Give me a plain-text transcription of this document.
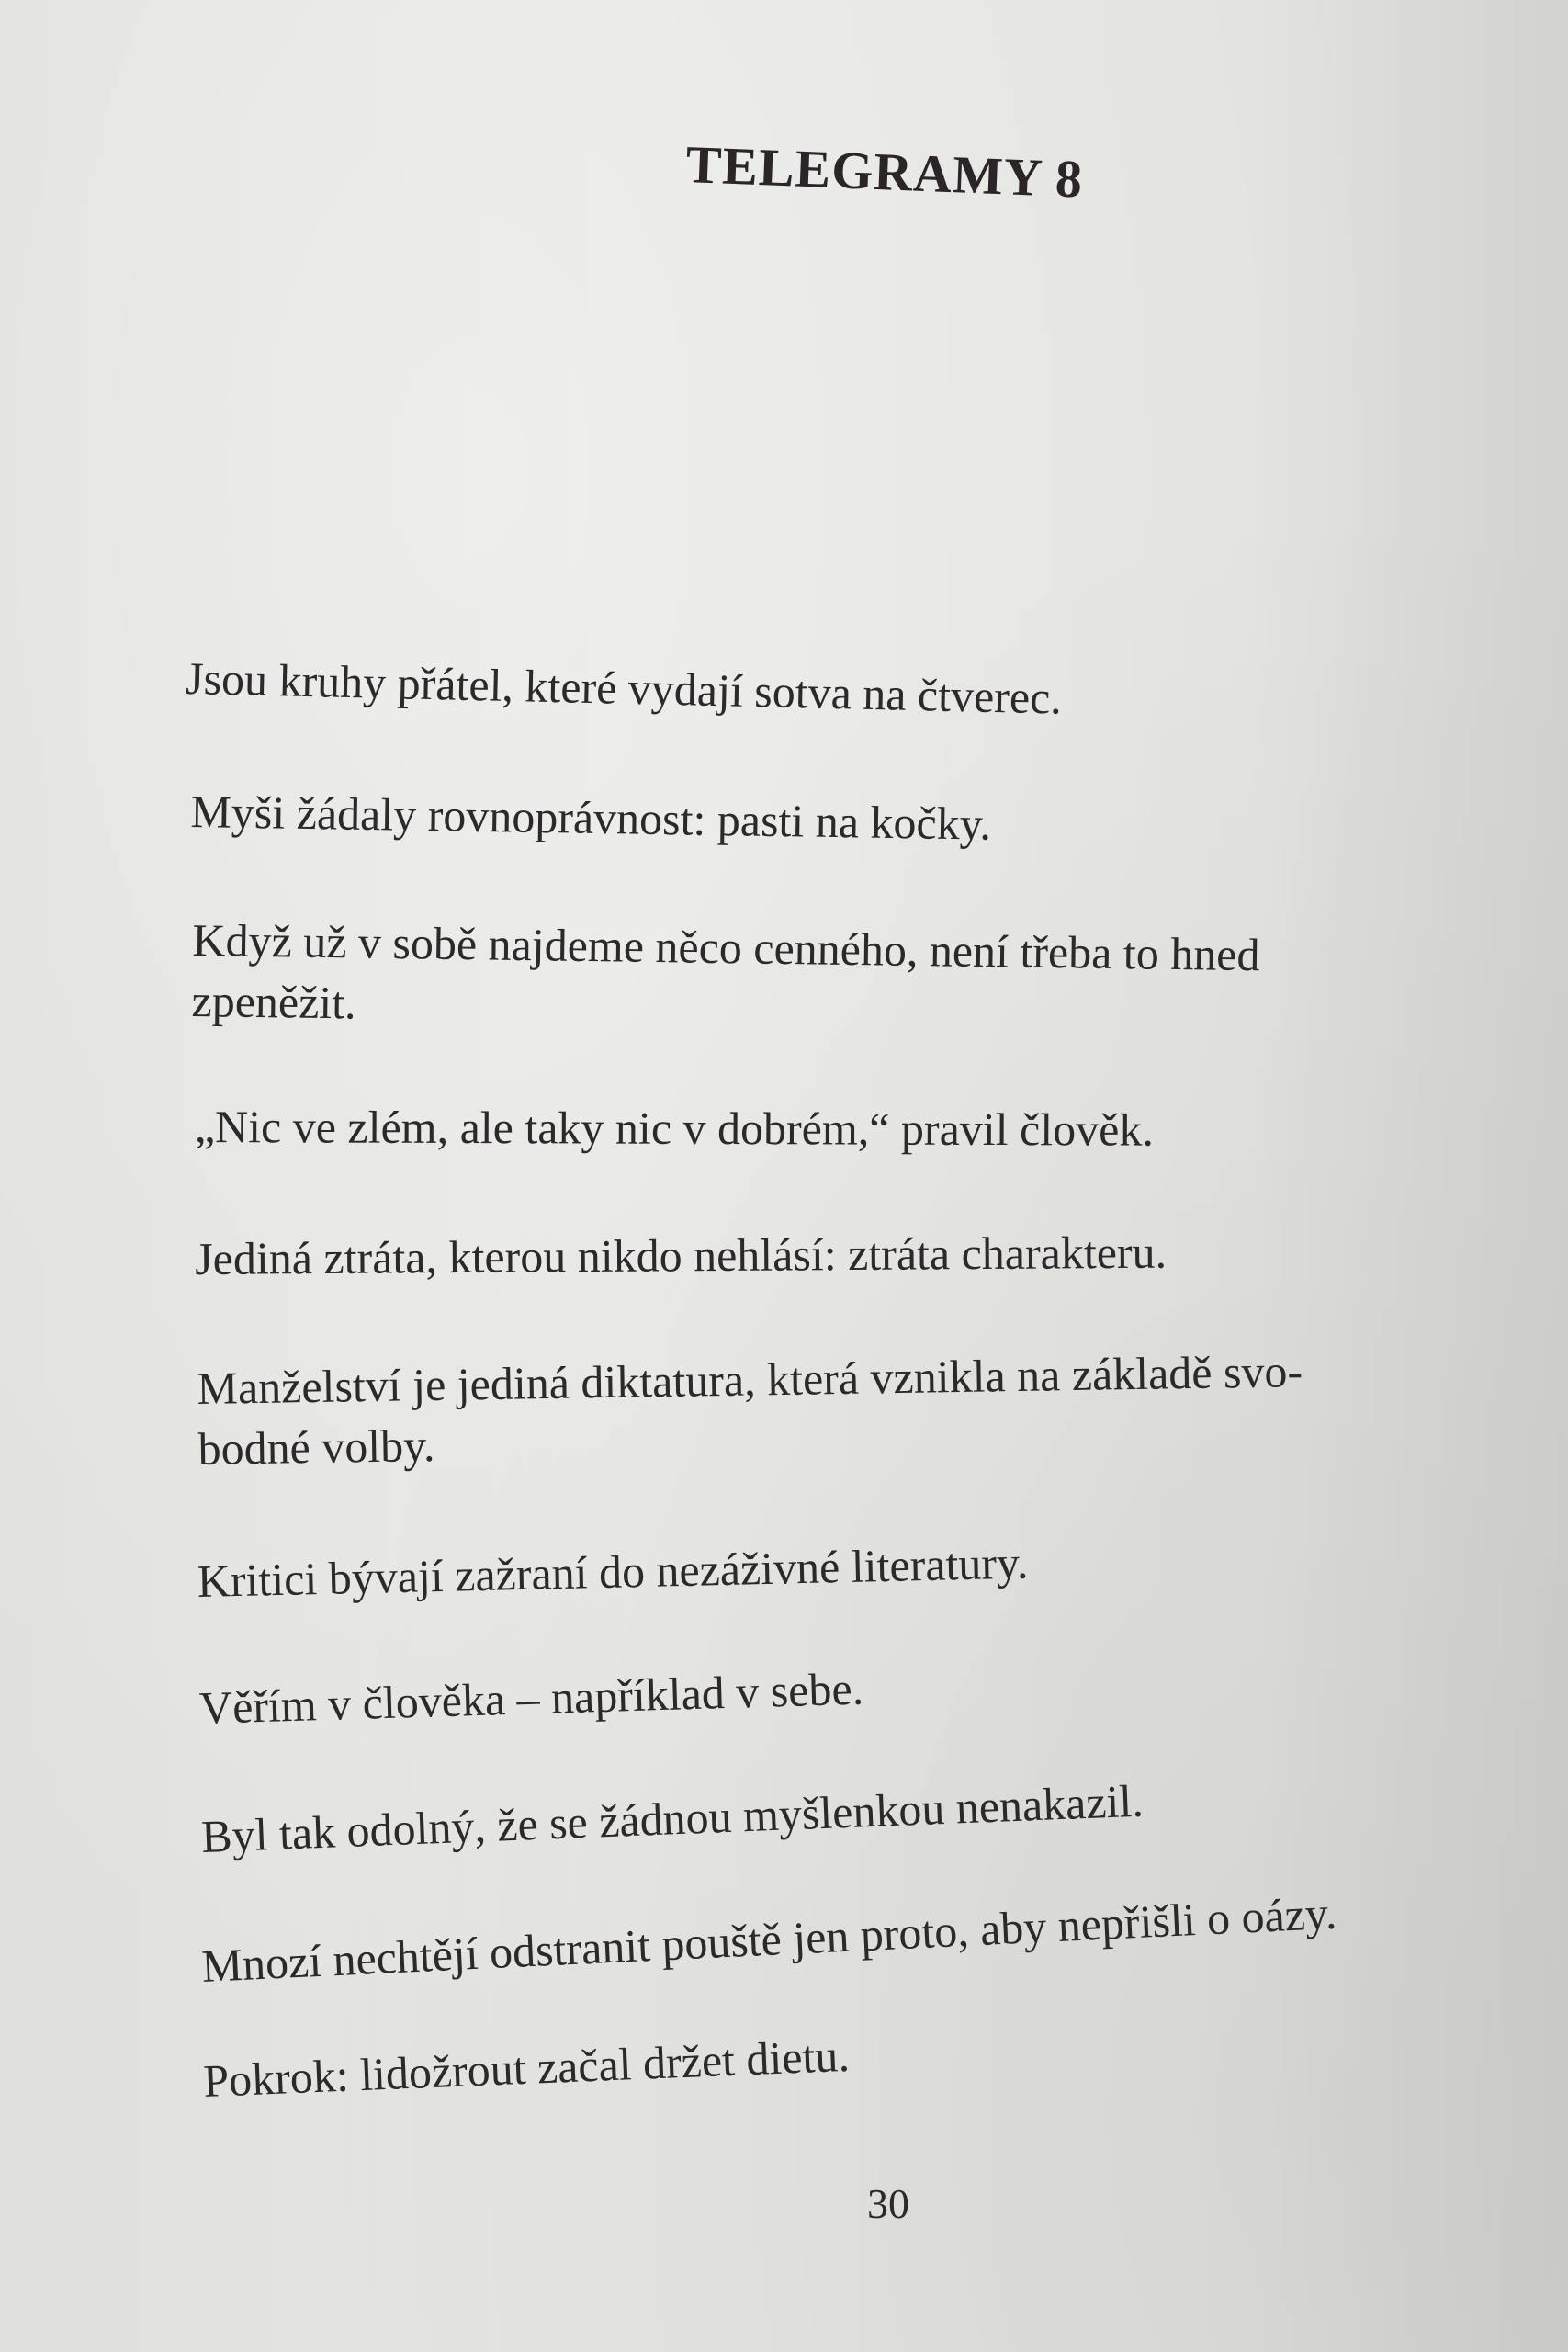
TELEGRAMY 8

Jsou kruhy přátel, které vydají sotva na čtverec.

Myši žádaly rovnoprávnost: pasti na kočky.

Když už v sobě najdeme něco cenného, není třeba to hned
zpeněžit.

„Nic ve zlém, ale taky nic v dobrém,“ pravil člověk.

Jediná ztráta, kterou nikdo nehlásí: ztráta charakteru.

Manželství je jediná diktatura, která vznikla na základě svo-
bodné volby.

Kritici bývají zažraní do nezáživné literatury.

Věřím v člověka – například v sebe.

Byl tak odolný, že se žádnou myšlenkou nenakazil.

Mnozí nechtějí odstranit pouště jen proto, aby nepřišli o oázy.

Pokrok: lidožrout začal držet dietu.

30
